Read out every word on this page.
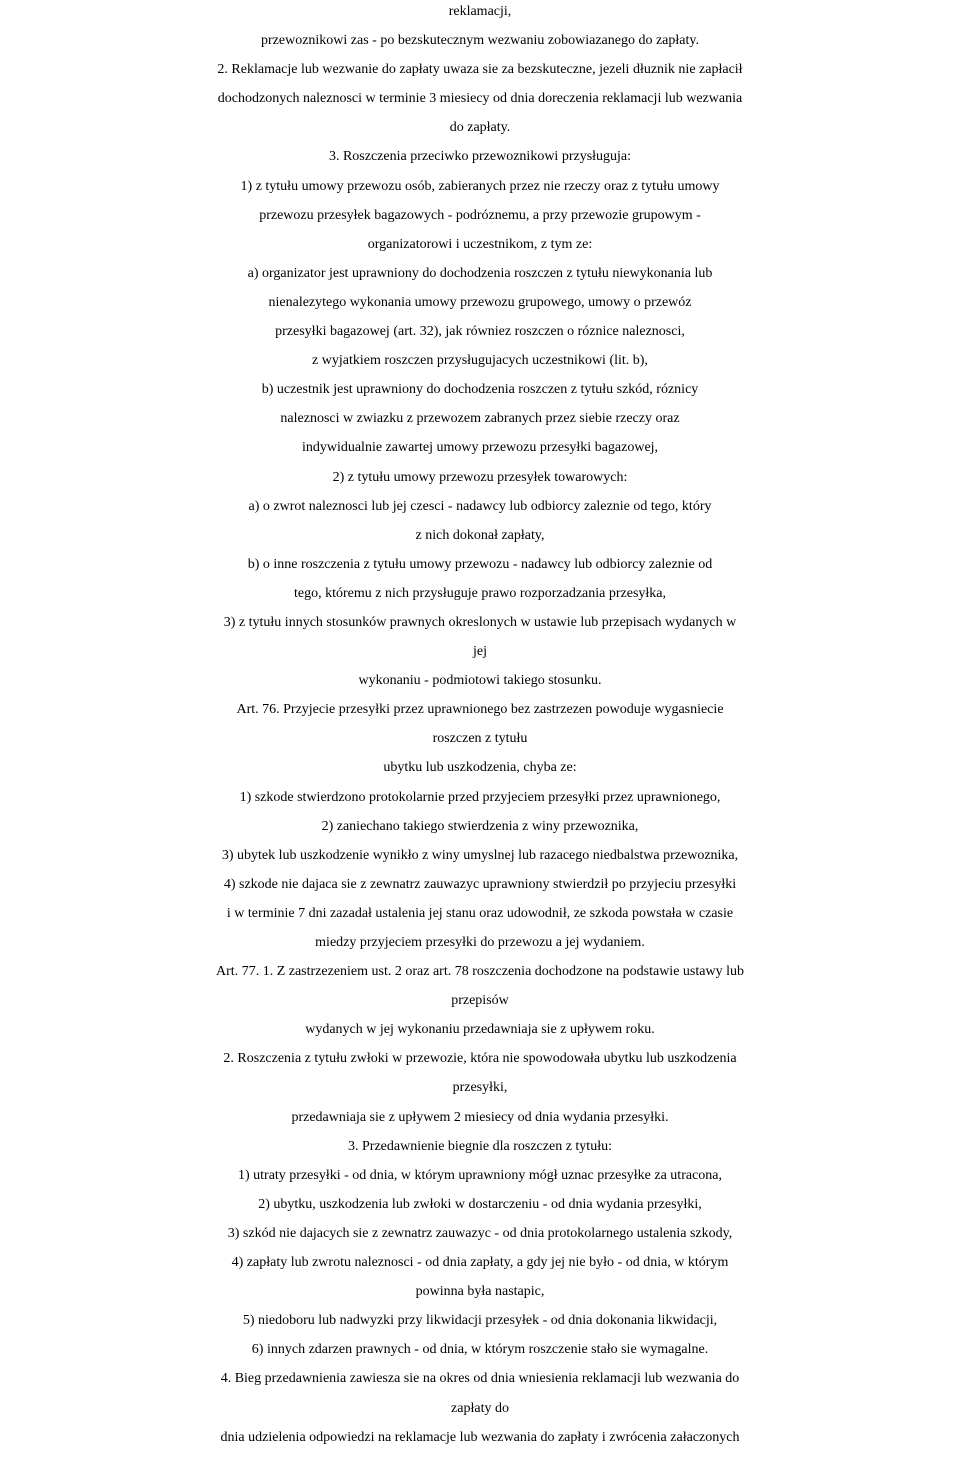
reklamacji,
przewoznikowi zas - po bezskutecznym wezwaniu zobowiazanego do zapłaty.
2. Reklamacje lub wezwanie do zapłaty uwaza sie za bezskuteczne, jezeli dłuznik nie zapłacił
dochodzonych naleznosci w terminie 3 miesiecy od dnia doreczenia reklamacji lub wezwania
do zapłaty.
3. Roszczenia przeciwko przewoznikowi przysługuja:
1) z tytułu umowy przewozu osób, zabieranych przez nie rzeczy oraz z tytułu umowy
przewozu przesyłek bagazowych - podróznemu, a przy przewozie grupowym -
organizatorowi i uczestnikom, z tym ze:
a) organizator jest uprawniony do dochodzenia roszczen z tytułu niewykonania lub
nienalezytego wykonania umowy przewozu grupowego, umowy o przewóz
przesyłki bagazowej (art. 32), jak równiez roszczen o róznice naleznosci,
z wyjatkiem roszczen przysługujacych uczestnikowi (lit. b),
b) uczestnik jest uprawniony do dochodzenia roszczen z tytułu szkód, róznicy
naleznosci w zwiazku z przewozem zabranych przez siebie rzeczy oraz
indywidualnie zawartej umowy przewozu przesyłki bagazowej,
2) z tytułu umowy przewozu przesyłek towarowych:
a) o zwrot naleznosci lub jej czesci - nadawcy lub odbiorcy zaleznie od tego, który
z nich dokonał zapłaty,
b) o inne roszczenia z tytułu umowy przewozu - nadawcy lub odbiorcy zaleznie od
tego, któremu z nich przysługuje prawo rozporzadzania przesyłka,
3) z tytułu innych stosunków prawnych okreslonych w ustawie lub przepisach wydanych w
jej
wykonaniu - podmiotowi takiego stosunku.
Art. 76. Przyjecie przesyłki przez uprawnionego bez zastrzezen powoduje wygasniecie
roszczen z tytułu
ubytku lub uszkodzenia, chyba ze:
1) szkode stwierdzono protokolarnie przed przyjeciem przesyłki przez uprawnionego,
2) zaniechano takiego stwierdzenia z winy przewoznika,
3) ubytek lub uszkodzenie wynikło z winy umyslnej lub razacego niedbalstwa przewoznika,
4) szkode nie dajaca sie z zewnatrz zauwazyc uprawniony stwierdził po przyjeciu przesyłki
i w terminie 7 dni zazadał ustalenia jej stanu oraz udowodnił, ze szkoda powstała w czasie
miedzy przyjeciem przesyłki do przewozu a jej wydaniem.
Art. 77. 1. Z zastrzezeniem ust. 2 oraz art. 78 roszczenia dochodzone na podstawie ustawy lub
przepisów
wydanych w jej wykonaniu przedawniaja sie z upływem roku.
2. Roszczenia z tytułu zwłoki w przewozie, która nie spowodowała ubytku lub uszkodzenia
przesyłki,
przedawniaja sie z upływem 2 miesiecy od dnia wydania przesyłki.
3. Przedawnienie biegnie dla roszczen z tytułu:
1) utraty przesyłki - od dnia, w którym uprawniony mógł uznac przesyłke za utracona,
2) ubytku, uszkodzenia lub zwłoki w dostarczeniu - od dnia wydania przesyłki,
3) szkód nie dajacych sie z zewnatrz zauwazyc - od dnia protokolarnego ustalenia szkody,
4) zapłaty lub zwrotu naleznosci - od dnia zapłaty, a gdy jej nie było - od dnia, w którym
powinna była nastapic,
5) niedoboru lub nadwyzki przy likwidacji przesyłek - od dnia dokonania likwidacji,
6) innych zdarzen prawnych - od dnia, w którym roszczenie stało sie wymagalne.
4. Bieg przedawnienia zawiesza sie na okres od dnia wniesienia reklamacji lub wezwania do
zapłaty do
dnia udzielenia odpowiedzi na reklamacje lub wezwania do zapłaty i zwrócenia załaczonych
